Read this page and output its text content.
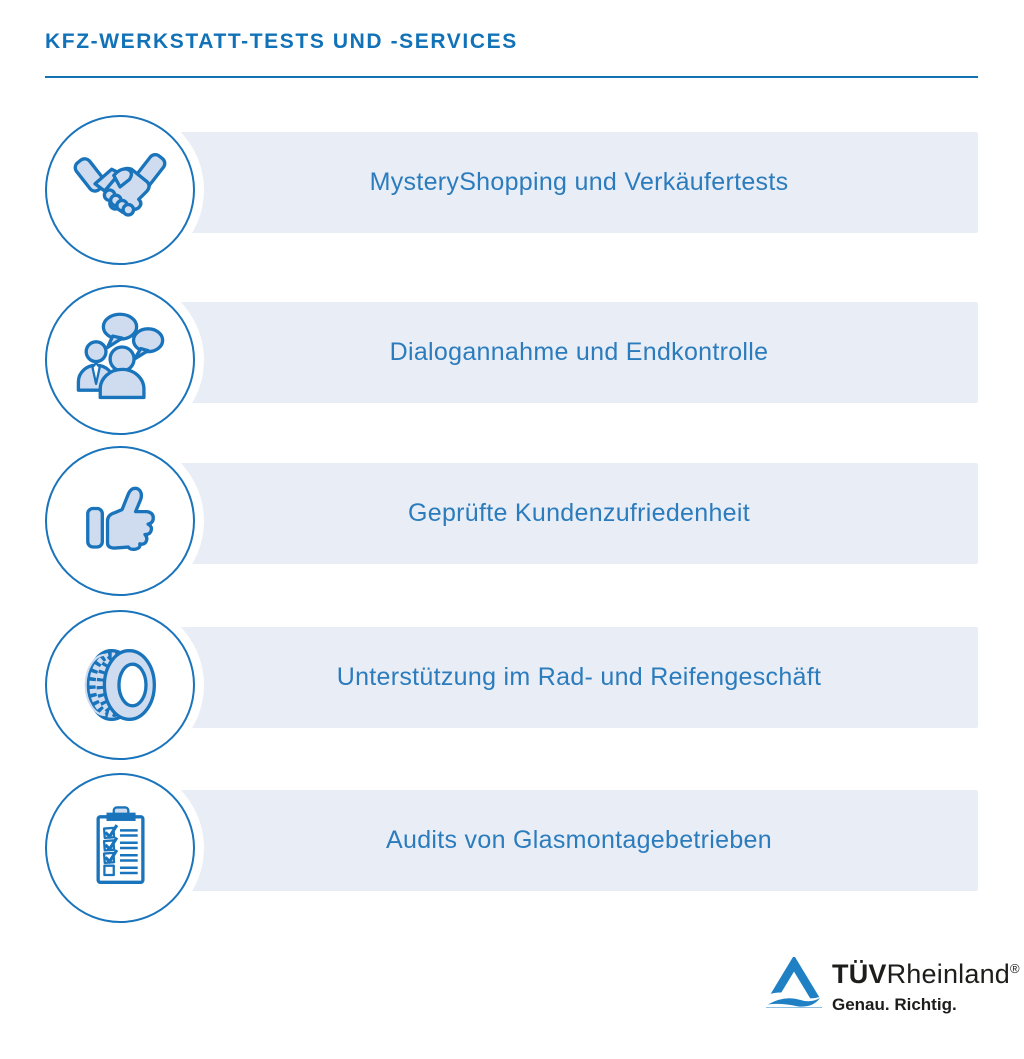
KFZ-WERKSTATT-TESTS UND -SERVICES
MysteryShopping und Verkäufertests
Dialogannahme und Endkontrolle
Geprüfte Kundenzufriedenheit
Unterstützung im Rad- und Reifengeschäft
Audits von Glasmontagebetrieben
TÜVRheinland®
Genau. Richtig.
